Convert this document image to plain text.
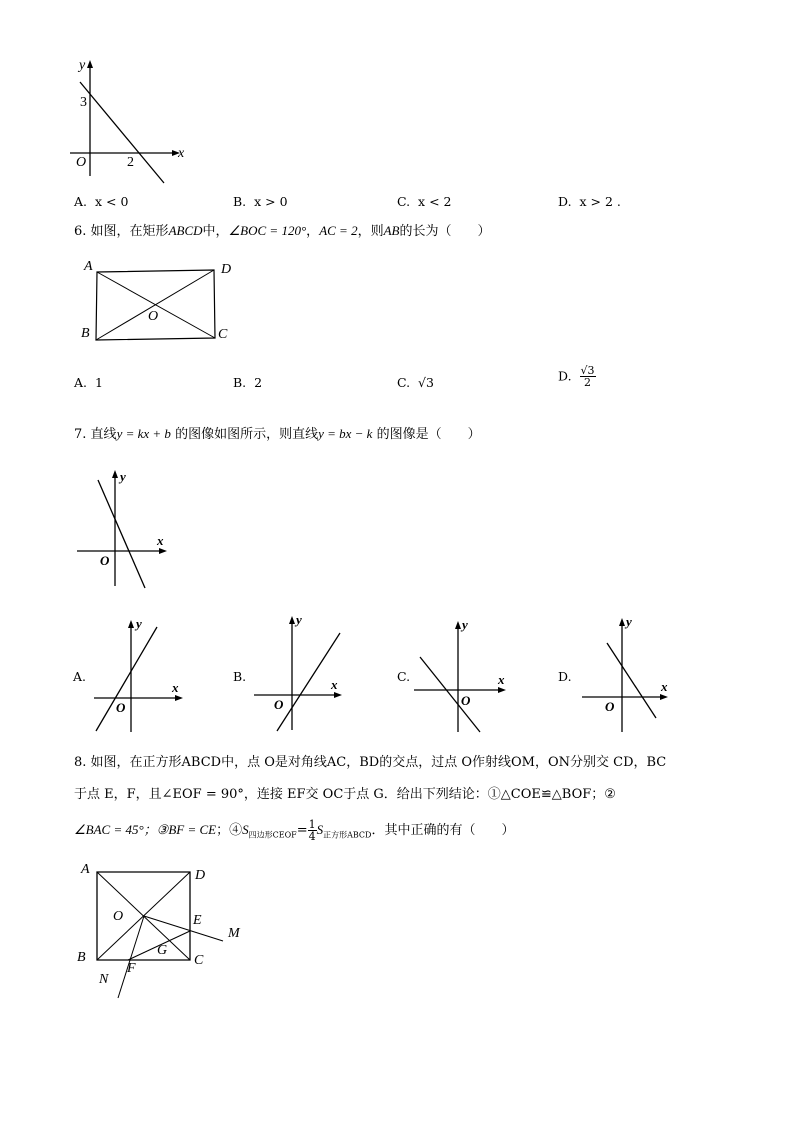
y
x
O
3
2
A. x < 0	B. x > 0	C. x < 2	D. x > 2 .
6. 如图，在矩形ABCD中，∠BOC = 120°，AC = 2，则AB的长为（　　）
A	D
B	C
O
A. 1	B. 2	C. √3	D. $\frac{√3}{2}$
7. 直线y = kx + b 的图像如图所示，则直线y = bx − k 的图像是（　　）
y
x
O
A.
y
x
O
B.
y
x
O
C.
y
x
O
D.
y
x
O
8. 如图，在正方形ABCD中，点 O是对角线AC，BD的交点，过点 O作射线OM，ON分别交 CD，BC
于点 E，F，且∠EOF = 90°，连接 EF交 OC于点 G．给出下列结论：①△COE≌△BOF；②
∠BAC = 45°；③BF = CE；$④S_{四边形CEOF}= \frac{1}{4} S_{正方形ABCD}$．其中正确的有（　　）
A	D
B	C
O	E
G
M
F
N
